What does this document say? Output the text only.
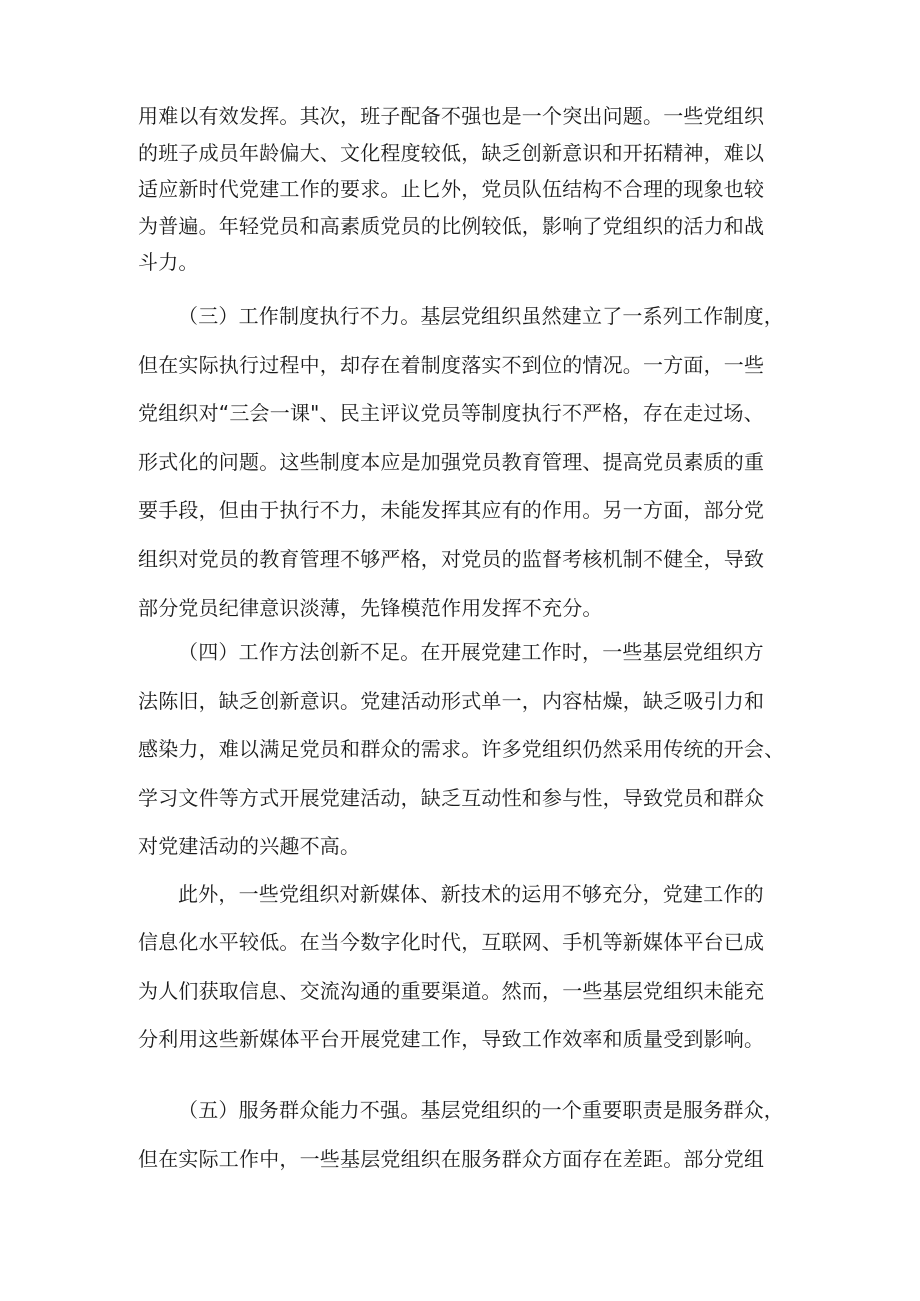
用难以有效发挥。其次，班子配备不强也是一个突出问题。一些党组织
的班子成员年龄偏大、文化程度较低，缺乏创新意识和开拓精神，难以
适应新时代党建工作的要求。止匕外，党员队伍结构不合理的现象也较
为普遍。年轻党员和高素质党员的比例较低，影响了党组织的活力和战
斗力。
（三）工作制度执行不力。基层党组织虽然建立了一系列工作制度，
但在实际执行过程中，却存在着制度落实不到位的情况。一方面，一些
党组织对“三会一课"、民主评议党员等制度执行不严格，存在走过场、
形式化的问题。这些制度本应是加强党员教育管理、提高党员素质的重
要手段，但由于执行不力，未能发挥其应有的作用。另一方面，部分党
组织对党员的教育管理不够严格，对党员的监督考核机制不健全，导致
部分党员纪律意识淡薄，先锋模范作用发挥不充分。
（四）工作方法创新不足。在开展党建工作时，一些基层党组织方
法陈旧，缺乏创新意识。党建活动形式单一，内容枯燥，缺乏吸引力和
感染力，难以满足党员和群众的需求。许多党组织仍然采用传统的开会、
学习文件等方式开展党建活动，缺乏互动性和参与性，导致党员和群众
对党建活动的兴趣不高。
此外，一些党组织对新媒体、新技术的运用不够充分，党建工作的
信息化水平较低。在当今数字化时代，互联网、手机等新媒体平台已成
为人们获取信息、交流沟通的重要渠道。然而，一些基层党组织未能充
分利用这些新媒体平台开展党建工作，导致工作效率和质量受到影响。
（五）服务群众能力不强。基层党组织的一个重要职责是服务群众，
但在实际工作中，一些基层党组织在服务群众方面存在差距。部分党组
